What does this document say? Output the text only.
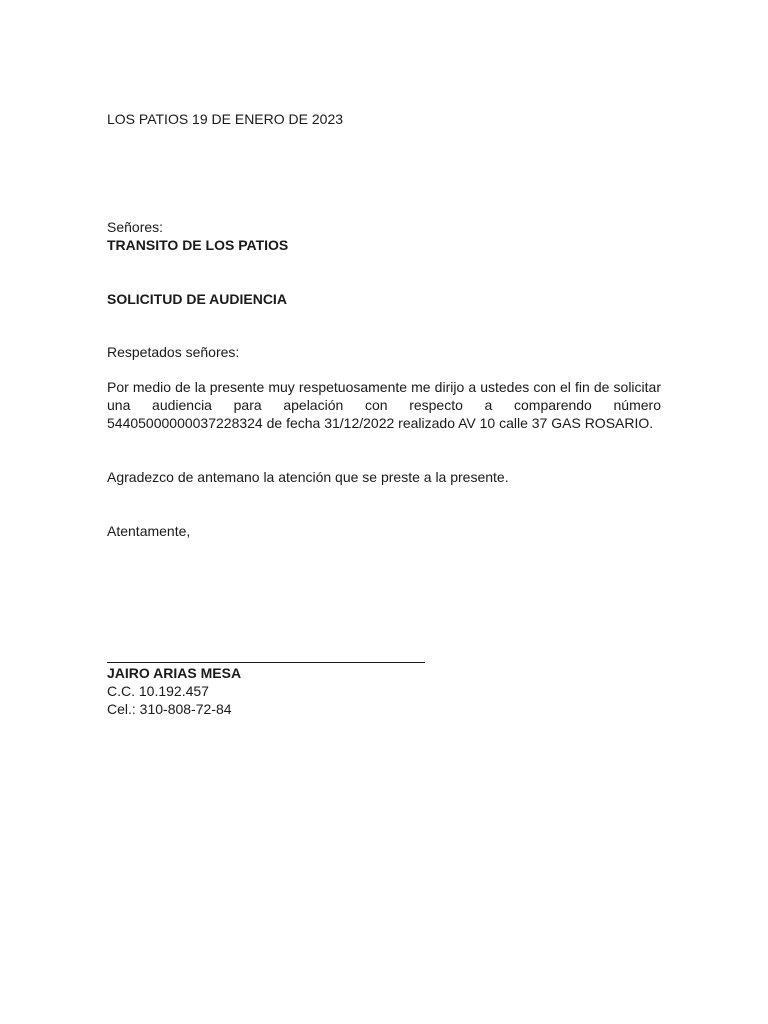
LOS PATIOS 19 DE ENERO DE 2023

Señores:

TRANSITO DE LOS PATIOS

SOLICITUD DE AUDIENCIA

Respetados señores:

Por medio de la presente muy respetuosamente me dirijo a ustedes con el fin de solicitar una audiencia para apelación con respecto a comparendo número 54405000000037228324 de fecha 31/12/2022 realizado AV 10 calle 37 GAS ROSARIO.

Agradezco de antemano la atención que se preste a la presente.

Atentamente,

JAIRO ARIAS MESA

C.C. 10.192.457

Cel.: 310-808-72-84
